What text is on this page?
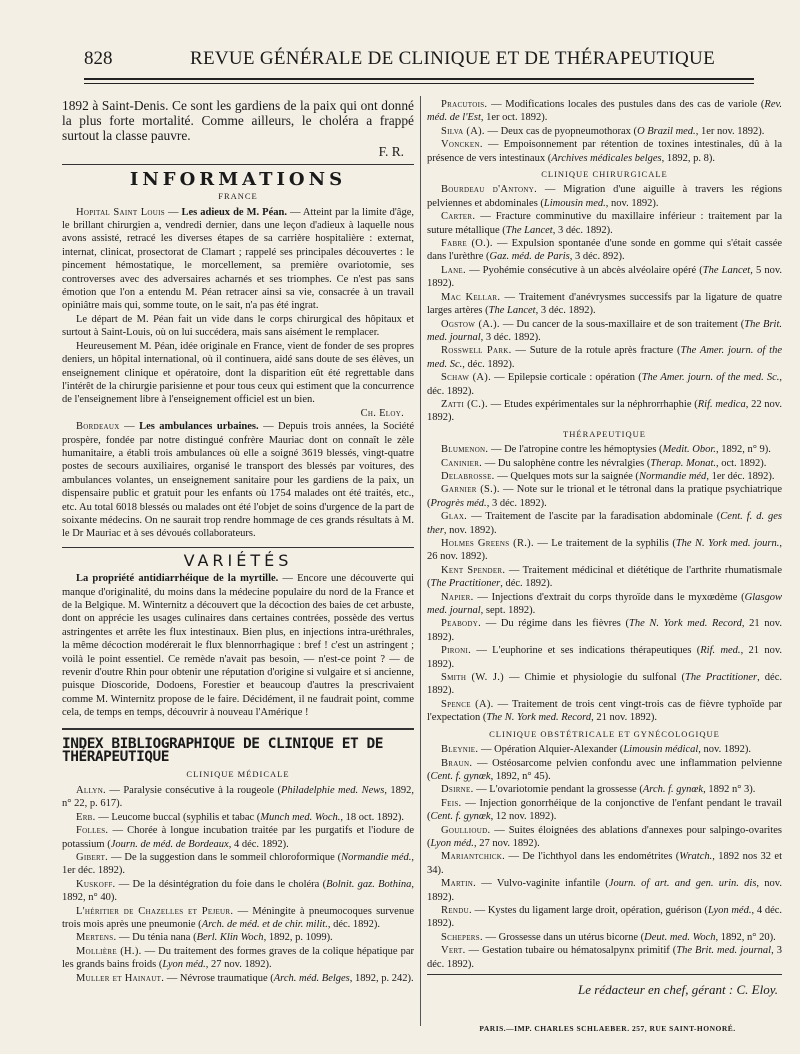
828	REVUE GÉNÉRALE DE CLINIQUE ET DE THÉRAPEUTIQUE

1892 à Saint-Denis. Ce sont les gardiens de la paix qui ont donné la plus forte mortalité. Comme ailleurs, le choléra a frappé surtout la classe pauvre.

F. R.

INFORMATIONS
FRANCE

Hopital Saint Louis — Les adieux de M. Péan. — Atteint par la limite d'âge, le brillant chirurgien a, vendredi dernier, dans une leçon d'adieux à laquelle nous avons assisté, retracé les diverses étapes de sa carrière hospitalière : externat, internat, clinicat, prosectorat de Clamart ; rappelé ses principales découvertes : le pincement hémostatique, le morcellement, sa première ovariotomie, ses controverses avec des adversaires acharnés et ses triomphes. Ce n'est pas sans émotion que l'on a entendu M. Péan retracer ainsi sa vie, consacrée à un travail opiniâtre mais qui, somme toute, on le sait, n'a pas été ingrat.

Le départ de M. Péan fait un vide dans le corps chirurgical des hôpitaux et surtout à Saint-Louis, où on lui succédera, mais sans aisément le remplacer.

Heureusement M. Péan, idée originale en France, vient de fonder de ses propres deniers, un hôpital international, où il continuera, aidé sans doute de ses élèves, un enseignement clinique et opératoire, dont la disparition eût été regrettable dans l'intérêt de la chirurgie parisienne et pour tous ceux qui estiment que la concurrence de l'enseignement libre à l'enseignement officiel est un bien.

Ch. Eloy.

Bordeaux — Les ambulances urbaines. — Depuis trois années, la Société prospère, fondée par notre distingué confrère Mauriac dont on connaît le zèle humanitaire, a établi trois ambulances où elle a soigné 3619 blessés, vingt-quatre postes de secours auxiliaires, organisé le transport des blessés par voitures, des ambulances volantes, un enseignement sanitaire pour les gardiens de la paix, un dispensaire public et gratuit pour les enfants où 1754 malades ont été traités, etc., etc. Au total 6018 blessés ou malades ont été l'objet de soins d'urgence de la part de soixante médecins. On ne saurait trop rendre hommage de ces grands résultats à M. le Dr Mauriac et à ses dévoués collaborateurs.

VARIÉTÉS

La propriété antidiarrhéique de la myrtille. — Encore une découverte qui manque d'originalité, du moins dans la médecine populaire du nord de la France et de la Belgique. M. Winternitz a découvert que la décoction des baies de cet arbuste, dont on apprécie les usages culinaires dans certaines contrées, possède des vertus astringentes et arrête les flux intestinaux. Bien plus, en injections intra-uréthrales, la même décoction modérerait le flux blennorrhagique : bref ! c'est un astringent ; voilà le point essentiel. Ce remède n'avait pas besoin, — n'est-ce point ? — de revenir d'outre Rhin pour obtenir une réputation d'origine si vulgaire et si ancienne, puisque Dioscoride, Dodoens, Forestier et beaucoup d'autres la prescrivaient comme M. Winternitz propose de le faire. Décidément, il ne faudrait point, comme cela, de temps en temps, découvrir à nouveau l'Amérique !

INDEX BIBLIOGRAPHIQUE DE CLINIQUE ET DE THÉRAPEUTIQUE
CLINIQUE MÉDICALE

Allyn. — Paralysie consécutive à la rougeole (Philadelphie med. News, 1892, n° 22, p. 617).

Erb. — Leucome buccal (syphilis et tabac (Munch med. Woch., 18 oct. 1892).

Folles. — Chorée à longue incubation traitée par les purgatifs et l'iodure de potassium (Journ. de méd. de Bordeaux, 4 déc. 1892).

Gibert. — De la suggestion dans le sommeil chloroformique (Normandie méd., 1er déc. 1892).

Kuskoff. — De la désintégration du foie dans le choléra (Bolnit. gaz. Bothina, 1892, n° 40).

L'héritier de Chazelles et Pejeur. — Méningite à pneumocoques survenue trois mois après une pneumonie (Arch. de méd. et de chir. milit., déc. 1892).

Mertens. — Du ténia nana (Berl. Klin Woch, 1892, p. 1099).

Mollière (H.). — Du traitement des formes graves de la colique hépatique par les grands bains froids (Lyon méd., 27 nov. 1892).

Muller et Hainaut. — Névrose traumatique (Arch. méd. Belges, 1892, p. 242).

Pracutois. — Modifications locales des pustules dans des cas de variole (Rev. méd. de l'Est, 1er oct. 1892).

Silva (A). — Deux cas de pyopneumothorax (O Brazil med., 1er nov. 1892).

Voncken. — Empoisonnement par rétention de toxines intestinales, dû à la présence de vers intestinaux (Archives médicales belges, 1892, p. 8).

CLINIQUE CHIRURGICALE

Bourdeau d'Antony. — Migration d'une aiguille à travers les régions pelviennes et abdominales (Limousin med., nov. 1892).

Carter. — Fracture comminutive du maxillaire inférieur : traitement par la suture métallique (The Lancet, 3 déc. 1892).

Fabre (O.). — Expulsion spontanée d'une sonde en gomme qui s'était cassée dans l'urèthre (Gaz. méd. de Paris, 3 déc. 892).

Lane. — Pyohémie consécutive à un abcès alvéolaire opéré (The Lancet, 5 nov. 1892).

Mac Kellar. — Traitement d'anévrysmes successifs par la ligature de quatre larges artères (The Lancet, 3 déc. 1892).

Ogstow (A.). — Du cancer de la sous-maxillaire et de son traitement (The Brit. med. journal, 3 déc. 1892).

Rosswell Park. — Suture de la rotule après fracture (The Amer. journ. of the med. Sc., déc. 1892).

Schaw (A). — Epilepsie corticale : opération (The Amer. journ. of the med. Sc., déc. 1892).

Zatti (C.). — Etudes expérimentales sur la néphrorrhaphie (Rif. medica, 22 nov. 1892).

THÉRAPEUTIQUE

Blumenon. — De l'atropine contre les hémoptysies (Medit. Obor., 1892, n° 9).

Caninier. — Du salophène contre les névralgies (Therap. Monat., oct. 1892).

Delabrosse. — Quelques mots sur la saignée (Normandie méd, 1er déc. 1892).

Garnier (S.). — Note sur le trional et le tétronal dans la pratique psychiatrique (Progrès méd., 3 déc. 1892).

Glax. — Traitement de l'ascite par la faradisation abdominale (Cent. f. d. ges ther, nov. 1892).

Holmes Greens (R.). — Le traitement de la syphilis (The N. York med. journ., 26 nov. 1892).

Kent Spender. — Traitement médicinal et diététique de l'arthrite rhumatismale (The Practitioner, déc. 1892).

Napier. — Injections d'extrait du corps thyroïde dans le myxœdème (Glasgow med. journal, sept. 1892).

Peabody. — Du régime dans les fièvres (The N. York med. Record, 21 nov. 1892).

Pironi. — L'euphorine et ses indications thérapeutiques (Rif. med., 21 nov. 1892).

Smith (W. J.) — Chimie et physiologie du sulfonal (The Practitioner, déc. 1892).

Spence (A). — Traitement de trois cent vingt-trois cas de fièvre typhoïde par l'expectation (The N. York med. Record, 21 nov. 1892).

CLINIQUE OBSTÉTRICALE ET GYNÉCOLOGIQUE

Bleynie. — Opération Alquier-Alexander (Limousin médical, nov. 1892).

Braun. — Ostéosarcome pelvien confondu avec une inflammation pelvienne (Cent. f. gynœk, 1892, n° 45).

Dsirne. — L'ovariotomie pendant la grossesse (Arch. f. gynœk, 1892 n° 3).

Feis. — Injection gonorrhéique de la conjonctive de l'enfant pendant le travail (Cent. f. gynœk, 12 nov. 1892).

Goullioud. — Suites éloignées des ablations d'annexes pour salpingo-ovarites (Lyon méd., 27 nov. 1892).

Mariantchick. — De l'ichthyol dans les endométrites (Wratch., 1892 nos 32 et 34).

Martin. — Vulvo-vaginite infantile (Journ. of art. and gen. urin. dis, nov. 1892).

Rendu. — Kystes du ligament large droit, opération, guérison (Lyon méd., 4 déc. 1892).

Schepers. — Grossesse dans un utérus bicorne (Deut. med. Woch, 1892, n° 20).

Vert. — Gestation tubaire ou hématosalpynx primitif (The Brit. med. journal, 3 déc. 1892).

Le rédacteur en chef, gérant : C. Eloy.
PARIS.—IMP. CHARLES SCHLAEBER. 257, RUE SAINT-HONORÉ.
